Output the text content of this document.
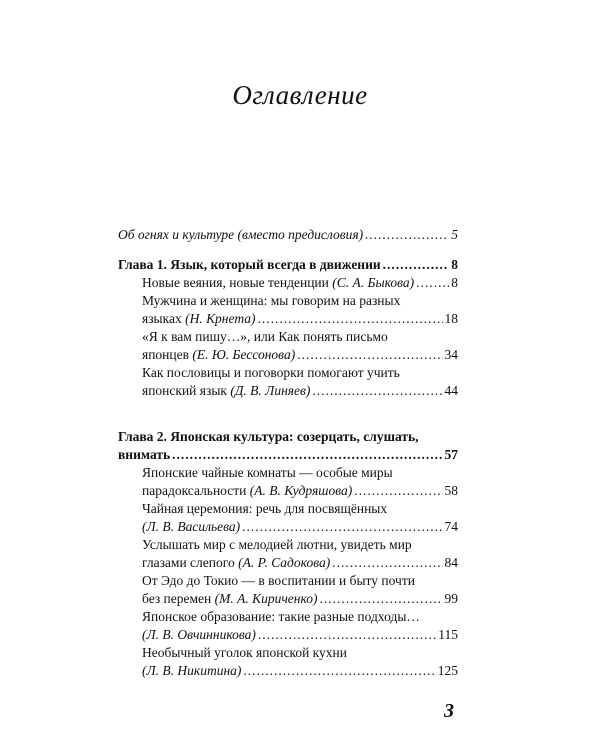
Оглавление
Об огнях и культуре (вместо предисловия) .....	5
Глава 1. Язык, который всегда в движении .....	8
Новые веяния, новые тенденции (С. А. Быкова) .....	8
Мужчина и женщина: мы говорим на разных
языках (Н. Крнета) .....	18
«Я к вам пишу…», или Как понять письмо
японцев (Е. Ю. Бессонова) .....	34
Как пословицы и поговорки помогают учить
японский язык (Д. В. Линяев) .....	44
Глава 2. Японская культура: созерцать, слушать,
внимать .....	57
Японские чайные комнаты — особые миры
парадоксальности (А. В. Кудряшова) .....	58
Чайная церемония: речь для посвящённых
(Л. В. Васильева) .....	74
Услышать мир с мелодией лютни, увидеть мир
глазами слепого (А. Р. Садокова) .....	84
От Эдо до Токио — в воспитании и быту почти
без перемен (М. А. Кириченко) .....	99
Японское образование: такие разные подходы…
(Л. В. Овчинникова) .....	115
Необычный уголок японской кухни
(Л. В. Никитина) .....	125
3
